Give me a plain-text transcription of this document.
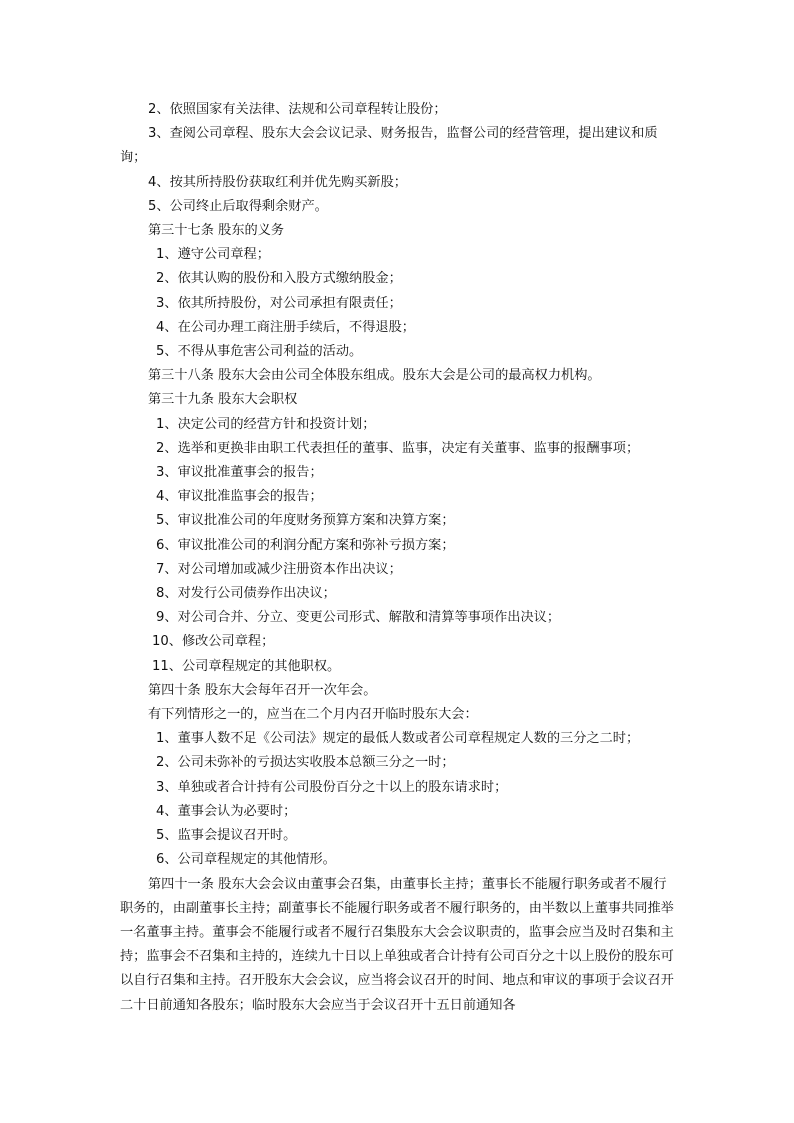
2、依照国家有关法律、法规和公司章程转让股份；

3、查阅公司章程、股东大会会议记录、财务报告，监督公司的经营管理，提出建议和质询；

4、按其所持股份获取红利并优先购买新股；

5、公司终止后取得剩余财产。

第三十七条 股东的义务

1、遵守公司章程；

2、依其认购的股份和入股方式缴纳股金；

3、依其所持股份，对公司承担有限责任；

4、在公司办理工商注册手续后，不得退股；

5、不得从事危害公司利益的活动。

第三十八条 股东大会由公司全体股东组成。股东大会是公司的最高权力机构。

第三十九条 股东大会职权

1、决定公司的经营方针和投资计划；

2、选举和更换非由职工代表担任的董事、监事，决定有关董事、监事的报酬事项；

3、审议批准董事会的报告；

4、审议批准监事会的报告；

5、审议批准公司的年度财务预算方案和决算方案；

6、审议批准公司的利润分配方案和弥补亏损方案；

7、对公司增加或减少注册资本作出决议；

8、对发行公司债券作出决议；

9、对公司合并、分立、变更公司形式、解散和清算等事项作出决议；

10、修改公司章程；

11、公司章程规定的其他职权。

第四十条 股东大会每年召开一次年会。

有下列情形之一的，应当在二个月内召开临时股东大会：

1、董事人数不足《公司法》规定的最低人数或者公司章程规定人数的三分之二时；

2、公司未弥补的亏损达实收股本总额三分之一时；

3、单独或者合计持有公司股份百分之十以上的股东请求时；

4、董事会认为必要时；

5、监事会提议召开时。

6、公司章程规定的其他情形。

第四十一条 股东大会会议由董事会召集，由董事长主持；董事长不能履行职务或者不履行职务的，由副董事长主持；副董事长不能履行职务或者不履行职务的，由半数以上董事共同推举一名董事主持。董事会不能履行或者不履行召集股东大会会议职责的，监事会应当及时召集和主持；监事会不召集和主持的，连续九十日以上单独或者合计持有公司百分之十以上股份的股东可以自行召集和主持。召开股东大会会议，应当将会议召开的时间、地点和审议的事项于会议召开二十日前通知各股东；临时股东大会应当于会议召开十五日前通知各
